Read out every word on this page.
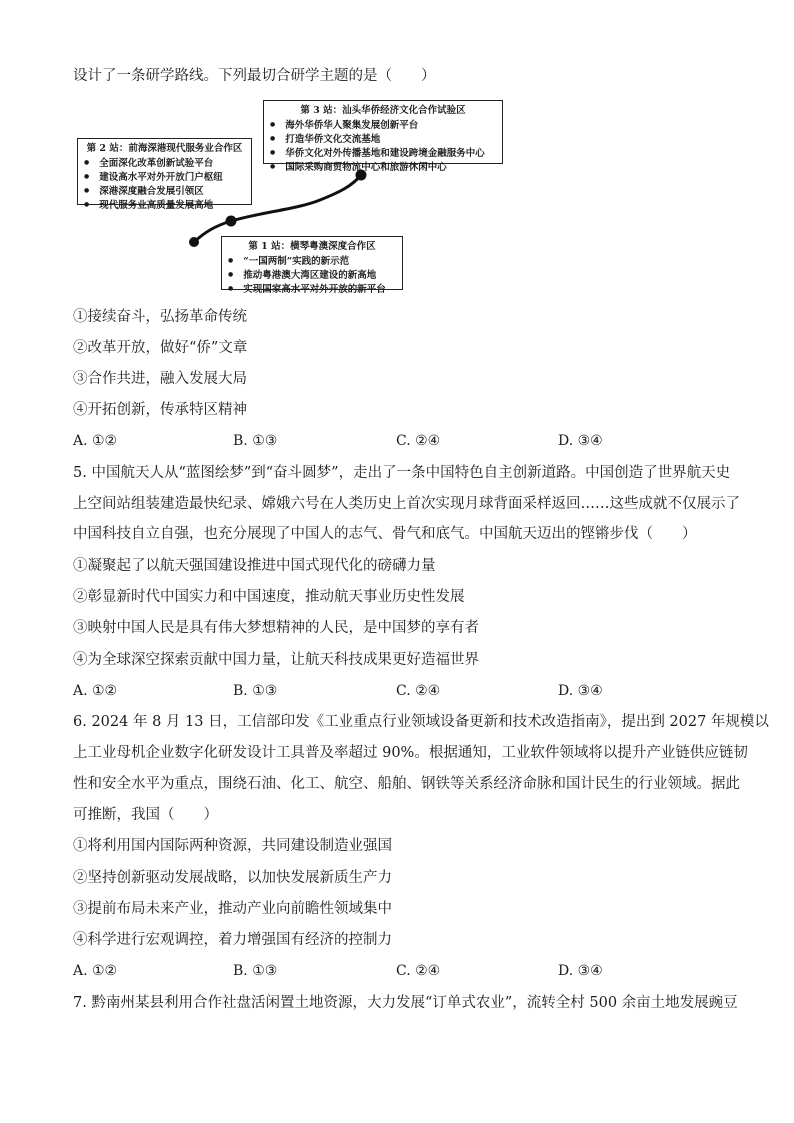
设计了一条研学路线。下列最切合研学主题的是（　　）
第 3 站：汕头华侨经济文化合作试验区
● 海外华侨华人聚集发展创新平台
● 打造华侨文化交流基地
● 华侨文化对外传播基地和建设跨境金融服务中心
● 国际采购商贸物流中心和旅游休闲中心
第 2 站：前海深港现代服务业合作区
● 全面深化改革创新试验平台
● 建设高水平对外开放门户枢纽
● 深港深度融合发展引领区
● 现代服务业高质量发展高地
第 1 站：横琴粤澳深度合作区
● “一国两制”实践的新示范
● 推动粤港澳大湾区建设的新高地
● 实现国家高水平对外开放的新平台
①接续奋斗，弘扬革命传统
②改革开放，做好“侨”文章
③合作共进，融入发展大局
④开拓创新，传承特区精神
A. ①②	B. ①③	C. ②④	D. ③④
5. 中国航天人从“蓝图绘梦”到“奋斗圆梦”，走出了一条中国特色自主创新道路。中国创造了世界航天史
上空间站组装建造最快纪录、嫦娥六号在人类历史上首次实现月球背面采样返回……这些成就不仅展示了
中国科技自立自强，也充分展现了中国人的志气、骨气和底气。中国航天迈出的铿锵步伐（　　）
①凝聚起了以航天强国建设推进中国式现代化的磅礴力量
②彰显新时代中国实力和中国速度，推动航天事业历史性发展
③映射中国人民是具有伟大梦想精神的人民，是中国梦的享有者
④为全球深空探索贡献中国力量，让航天科技成果更好造福世界
A. ①②	B. ①③	C. ②④	D. ③④
6. 2024 年 8 月 13 日，工信部印发《工业重点行业领域设备更新和技术改造指南》，提出到 2027 年规模以
上工业母机企业数字化研发设计工具普及率超过 90%。根据通知，工业软件领域将以提升产业链供应链韧
性和安全水平为重点，围绕石油、化工、航空、船舶、钢铁等关系经济命脉和国计民生的行业领域。据此
可推断，我国（　　）
①将利用国内国际两种资源，共同建设制造业强国
②坚持创新驱动发展战略，以加快发展新质生产力
③提前布局未来产业，推动产业向前瞻性领域集中
④科学进行宏观调控，着力增强国有经济的控制力
A. ①②	B. ①③	C. ②④	D. ③④
7. 黔南州某县利用合作社盘活闲置土地资源，大力发展“订单式农业”，流转全村 500 余亩土地发展豌豆
